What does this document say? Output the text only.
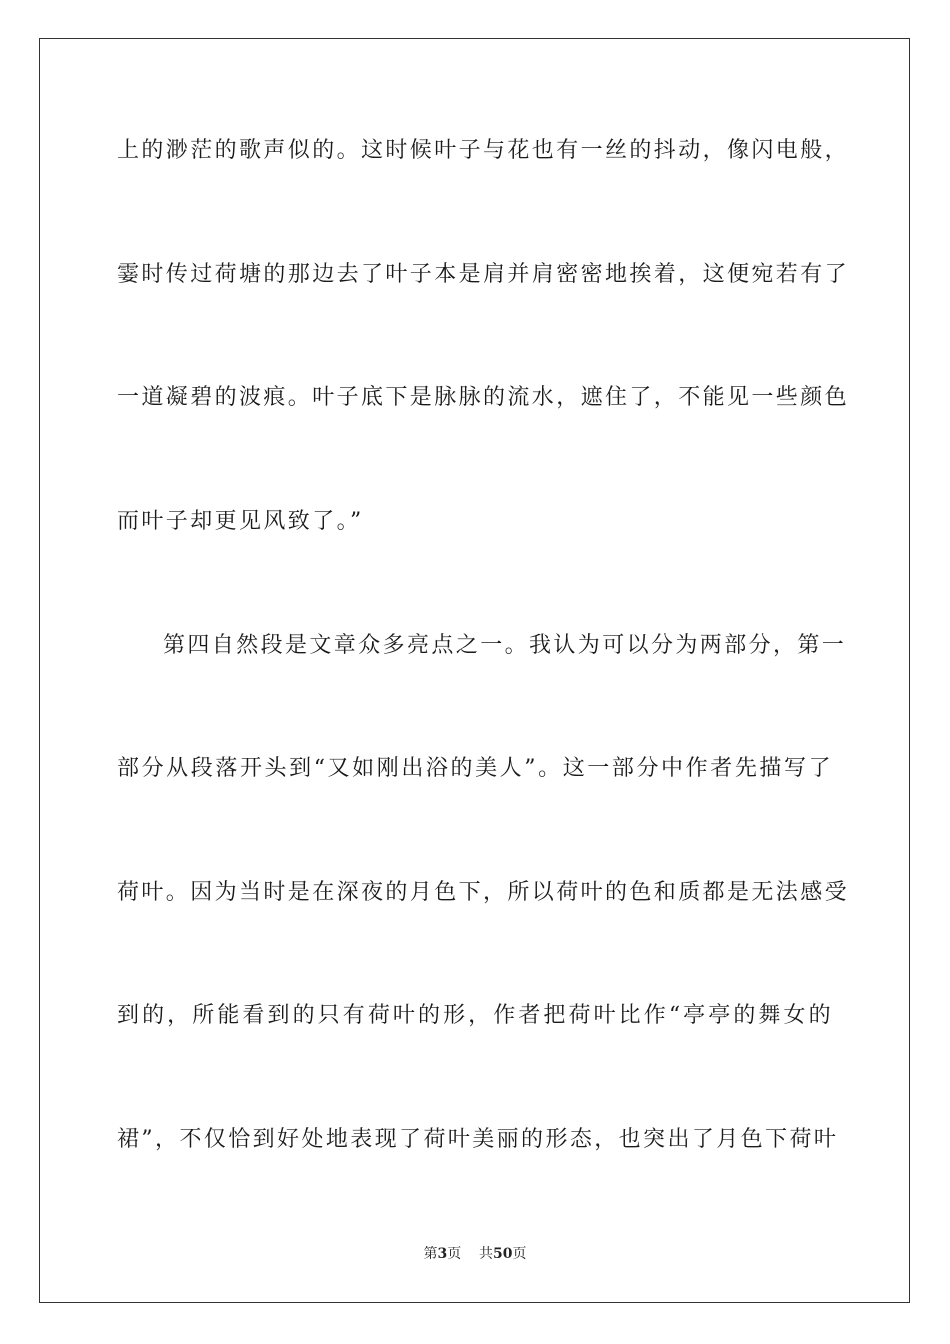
上的渺茫的歌声似的。这时候叶子与花也有一丝的抖动，像闪电般，
霎时传过荷塘的那边去了叶子本是肩并肩密密地挨着，这便宛若有了
一道凝碧的波痕。叶子底下是脉脉的流水，遮住了，不能见一些颜色
而叶子却更见风致了。”
第四自然段是文章众多亮点之一。我认为可以分为两部分，第一
部分从段落开头到“又如刚出浴的美人”。这一部分中作者先描写了
荷叶。因为当时是在深夜的月色下，所以荷叶的色和质都是无法感受
到的，所能看到的只有荷叶的形，作者把荷叶比作“亭亭的舞女的
裙”，不仅恰到好处地表现了荷叶美丽的形态，也突出了月色下荷叶
第3页 共50页
